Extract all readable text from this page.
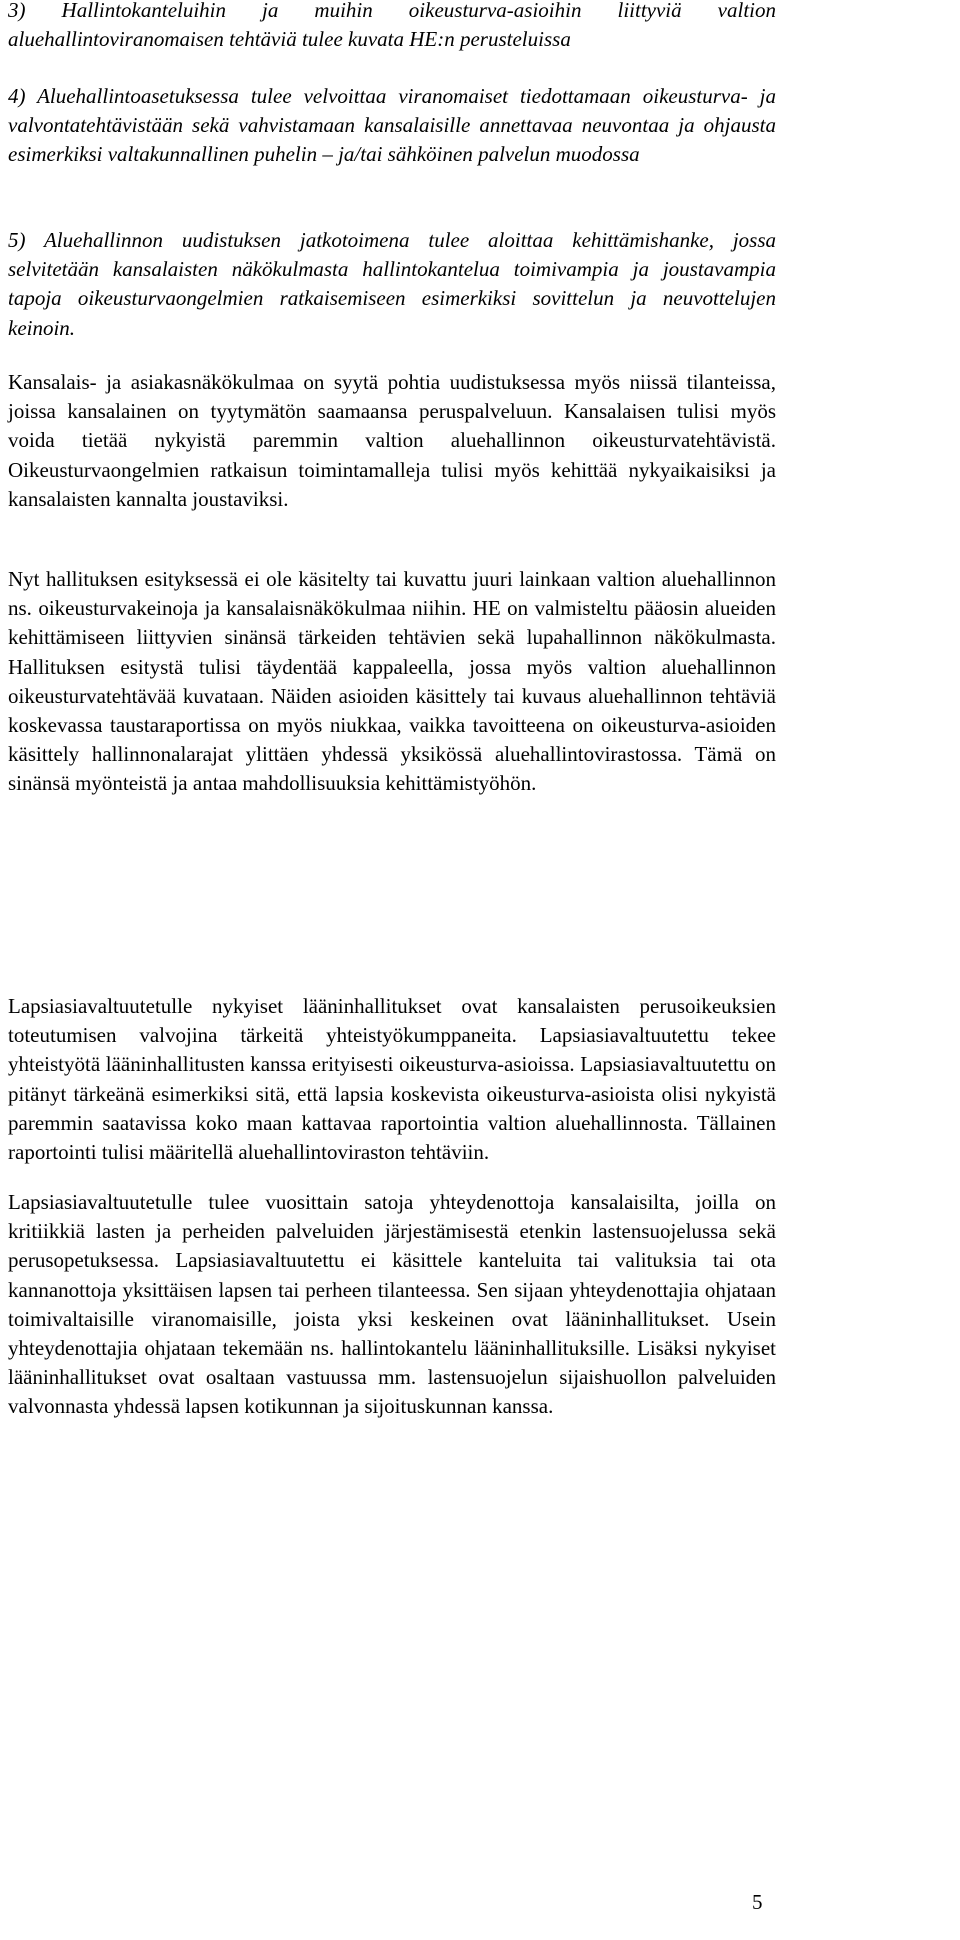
3) Hallintokanteluihin ja muihin oikeusturva-asioihin liittyviä valtion aluehallintoviranomaisen tehtäviä tulee kuvata HE:n perusteluissa

4) Aluehallintoasetuksessa tulee velvoittaa viranomaiset tiedottamaan oikeusturva- ja valvontatehtävistään sekä vahvistamaan kansalaisille annettavaa neuvontaa ja ohjausta esimerkiksi valtakunnallinen puhelin – ja/tai sähköinen palvelun muodossa

5) Aluehallinnon uudistuksen jatkotoimena tulee aloittaa kehittämishanke, jossa selvitetään kansalaisten näkökulmasta hallintokantelua toimivampia ja joustavampia tapoja oikeusturvaongelmien ratkaisemiseen esimerkiksi sovittelun ja neuvottelujen keinoin.

Kansalais- ja asiakasnäkökulmaa on syytä pohtia uudistuksessa myös niissä tilanteissa, joissa kansalainen on tyytymätön saamaansa peruspalveluun. Kansalaisen tulisi myös voida tietää nykyistä paremmin valtion aluehallinnon oikeusturvatehtävistä. Oikeusturvaongelmien ratkaisun toimintamalleja tulisi myös kehittää nykyaikaisiksi ja kansalaisten kannalta joustaviksi.

Nyt hallituksen esityksessä ei ole käsitelty tai kuvattu juuri lainkaan valtion aluehallinnon ns. oikeusturvakeinoja ja kansalaisnäkökulmaa niihin. HE on valmisteltu pääosin alueiden kehittämiseen liittyvien sinänsä tärkeiden tehtävien sekä lupahallinnon näkökulmasta. Hallituksen esitystä tulisi täydentää kappaleella, jossa myös valtion aluehallinnon oikeusturvatehtävää kuvataan. Näiden asioiden käsittely tai kuvaus aluehallinnon tehtäviä koskevassa taustaraportissa on myös niukkaa, vaikka tavoitteena on oikeusturva-asioiden käsittely hallinnonalarajat ylittäen yhdessä yksikössä aluehallintovirastossa. Tämä on sinänsä myönteistä ja antaa mahdollisuuksia kehittämistyöhön.

Lapsiasiavaltuutetulle nykyiset lääninhallitukset ovat kansalaisten perusoikeuksien toteutumisen valvojina tärkeitä yhteistyökumppaneita. Lapsiasiavaltuutettu tekee yhteistyötä lääninhallitusten kanssa erityisesti oikeusturva-asioissa. Lapsiasiavaltuutettu on pitänyt tärkeänä esimerkiksi sitä, että lapsia koskevista oikeusturva-asioista olisi nykyistä paremmin saatavissa koko maan kattavaa raportointia valtion aluehallinnosta. Tällainen raportointi tulisi määritellä aluehallintoviraston tehtäviin.

Lapsiasiavaltuutetulle tulee vuosittain satoja yhteydenottoja kansalaisilta, joilla on kritiikkiä lasten ja perheiden palveluiden järjestämisestä etenkin lastensuojelussa sekä perusopetuksessa. Lapsiasiavaltuutettu ei käsittele kanteluita tai valituksia tai ota kannanottoja yksittäisen lapsen tai perheen tilanteessa. Sen sijaan yhteydenottajia ohjataan toimivaltaisille viranomaisille, joista yksi keskeinen ovat lääninhallitukset. Usein yhteydenottajia ohjataan tekemään ns. hallintokantelu lääninhallituksille. Lisäksi nykyiset lääninhallitukset ovat osaltaan vastuussa mm. lastensuojelun sijaishuollon palveluiden valvonnasta yhdessä lapsen kotikunnan ja sijoituskunnan kanssa.

5
